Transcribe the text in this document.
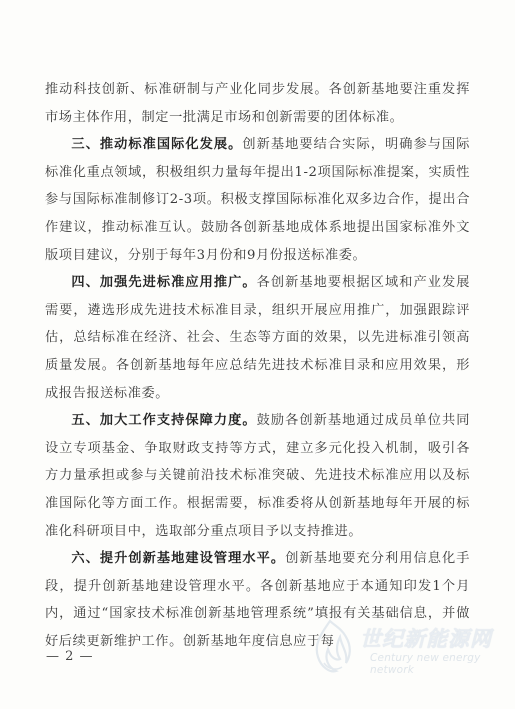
推动科技创新、标准研制与产业化同步发展。各创新基地要注重发挥市场主体作用，制定一批满足市场和创新需要的团体标准。

三、推动标准国际化发展。创新基地要结合实际，明确参与国际标准化重点领域，积极组织力量每年提出1-2项国际标准提案，实质性参与国际标准制修订2-3项。积极支撑国际标准化双多边合作，提出合作建议，推动标准互认。鼓励各创新基地成体系地提出国家标准外文版项目建议，分别于每年3月份和9月份报送标准委。

四、加强先进标准应用推广。各创新基地要根据区域和产业发展需要，遴选形成先进技术标准目录，组织开展应用推广，加强跟踪评估，总结标准在经济、社会、生态等方面的效果，以先进标准引领高质量发展。各创新基地每年应总结先进技术标准目录和应用效果，形成报告报送标准委。

五、加大工作支持保障力度。鼓励各创新基地通过成员单位共同设立专项基金、争取财政支持等方式，建立多元化投入机制，吸引各方力量承担或参与关键前沿技术标准突破、先进技术标准应用以及标准国际化等方面工作。根据需要，标准委将从创新基地每年开展的标准化科研项目中，选取部分重点项目予以支持推进。

六、提升创新基地建设管理水平。创新基地要充分利用信息化手段，提升创新基地建设管理水平。各创新基地应于本通知印发1个月内，通过“国家技术标准创新基地管理系统”填报有关基础信息，并做好后续更新维护工作。创新基地年度信息应于每

— 2 —
世纪新能源网
Century new energy network
